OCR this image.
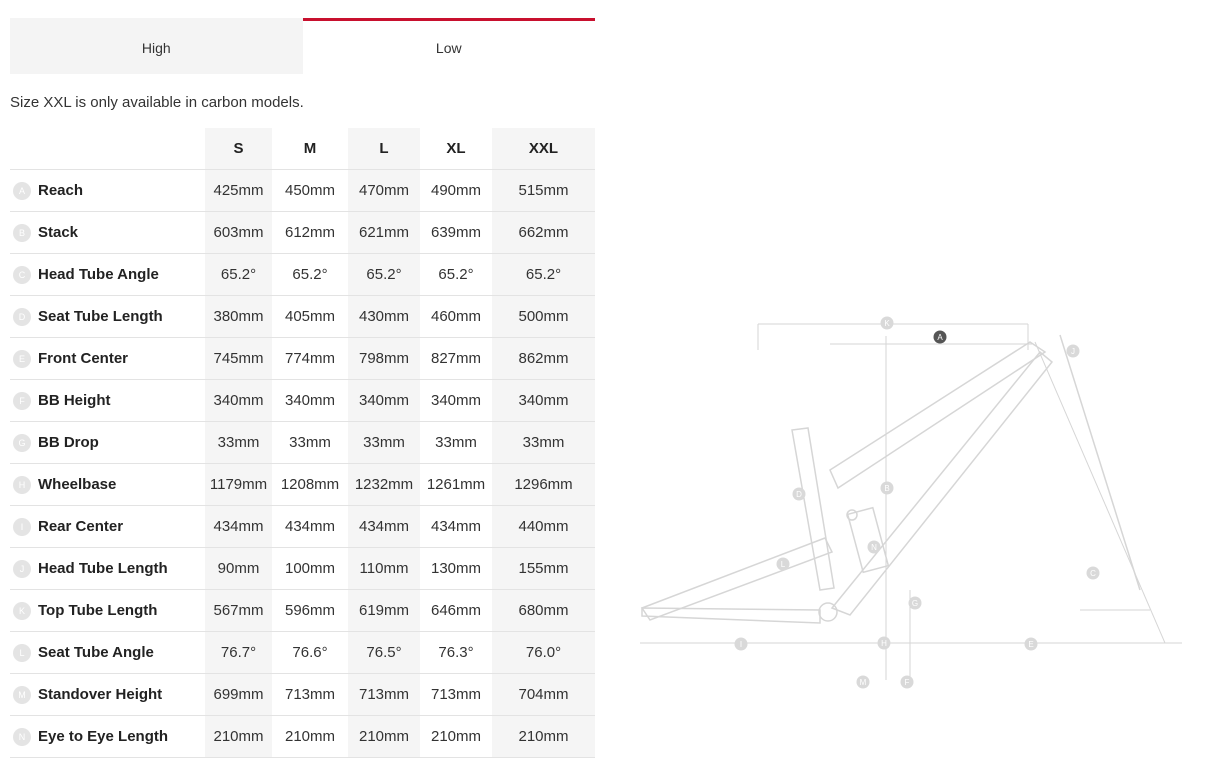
High	Low
Size XXL is only available in carbon models.
	S	M	L	XL	XXL

A Reach	425mm	450mm	470mm	490mm	515mm

B Stack	603mm	612mm	621mm	639mm	662mm

C Head Tube Angle	65.2°	65.2°	65.2°	65.2°	65.2°

D Seat Tube Length	380mm	405mm	430mm	460mm	500mm

E Front Center	745mm	774mm	798mm	827mm	862mm

F BB Height	340mm	340mm	340mm	340mm	340mm

G BB Drop	33mm	33mm	33mm	33mm	33mm

H Wheelbase	1179mm	1208mm	1232mm	1261mm	1296mm

I Rear Center	434mm	434mm	434mm	434mm	440mm

J Head Tube Length	90mm	100mm	110mm	130mm	155mm

K Top Tube Length	567mm	596mm	619mm	646mm	680mm

L Seat Tube Angle	76.7°	76.6°	76.5°	76.3°	76.0°

M Standover Height	699mm	713mm	713mm	713mm	704mm

N Eye to Eye Length	210mm	210mm	210mm	210mm	210mm
A
B
C
D
E
F
G
H
I
J
K
L
M
N
